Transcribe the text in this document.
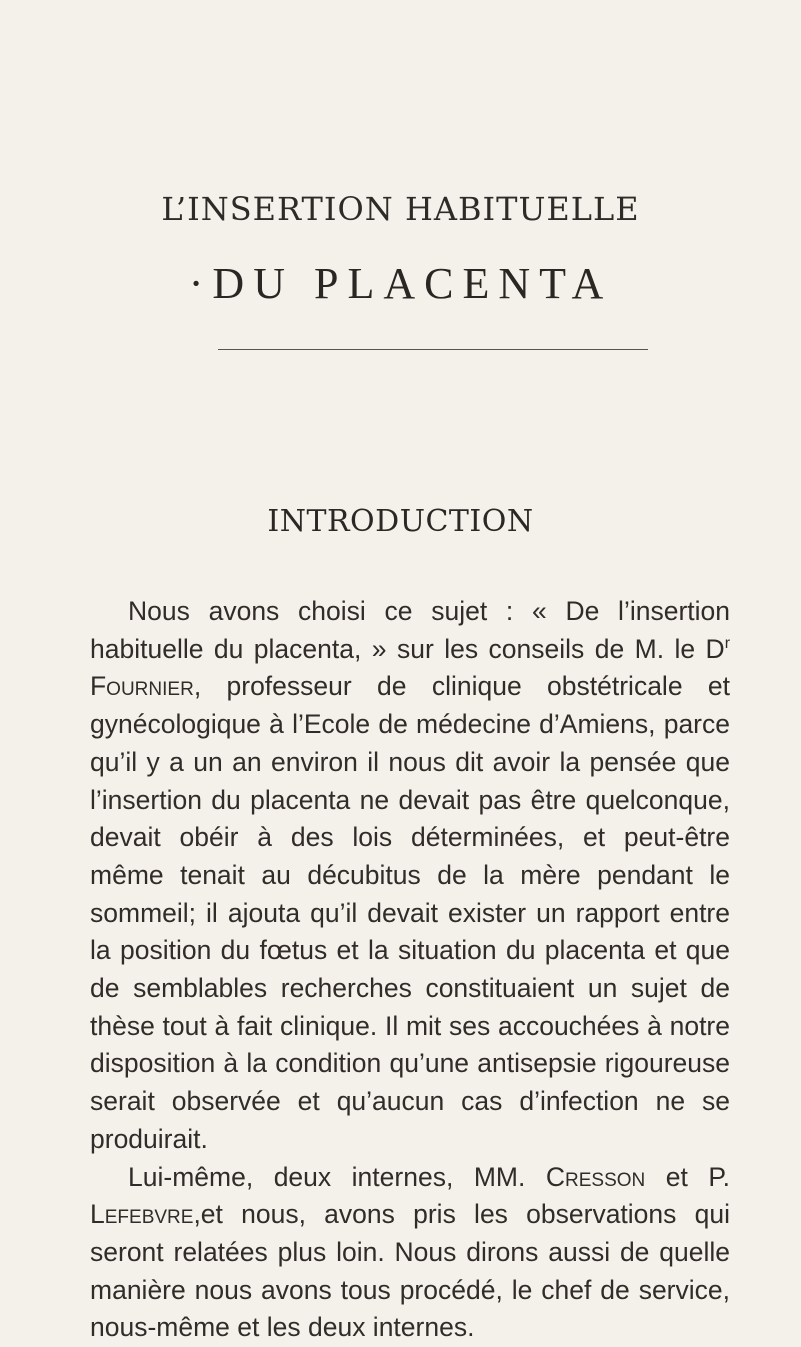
L’INSERTION HABITUELLE
·DU PLACENTA
INTRODUCTION

Nous avons choisi ce sujet : « De l’insertion habituelle du placenta, » sur les conseils de M. le $D^r$ Fournier, professeur de clinique obstétricale et gynécologique à l’Ecole de médecine d’Amiens, parce qu’il y a un an environ il nous dit avoir la pensée que l’insertion du placenta ne devait pas être quelconque, devait obéir à des lois déterminées, et peut-être même tenait au décubitus de la mère pendant le sommeil; il ajouta qu’il devait exister un rapport entre la position du fœtus et la situation du placenta et que de semblables recherches constituaient un sujet de thèse tout à fait clinique. Il mit ses accouchées à notre disposition à la condition qu’une antisepsie rigoureuse serait observée et qu’aucun cas d’infection ne se produirait.

Lui-même, deux internes, MM. Cresson et P. Lefebvre,et nous, avons pris les observations qui seront relatées plus loin. Nous dirons aussi de quelle manière nous avons tous procédé, le chef de service, nous-même et les deux internes.
